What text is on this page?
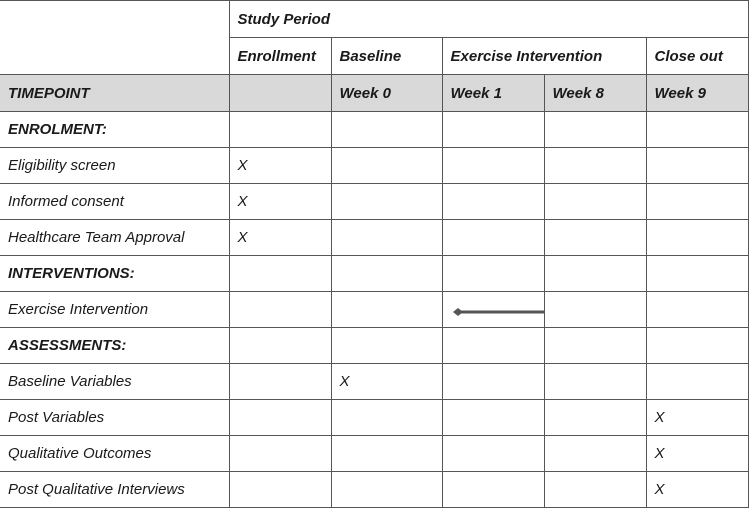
	Study Period				
	Enrollment	Baseline	Exercise Intervention		Close out
TIMEPOINT		Week 0	Week 1	Week 8	Week 9
ENROLMENT:					
Eligibility screen	X				
Informed consent	X				
Healthcare Team Approval	X				
INTERVENTIONS:					
Exercise Intervention			

ASSESSMENTS:					
Baseline Variables		X			
Post Variables					X
Qualitative Outcomes					X
Post Qualitative Interviews					X
